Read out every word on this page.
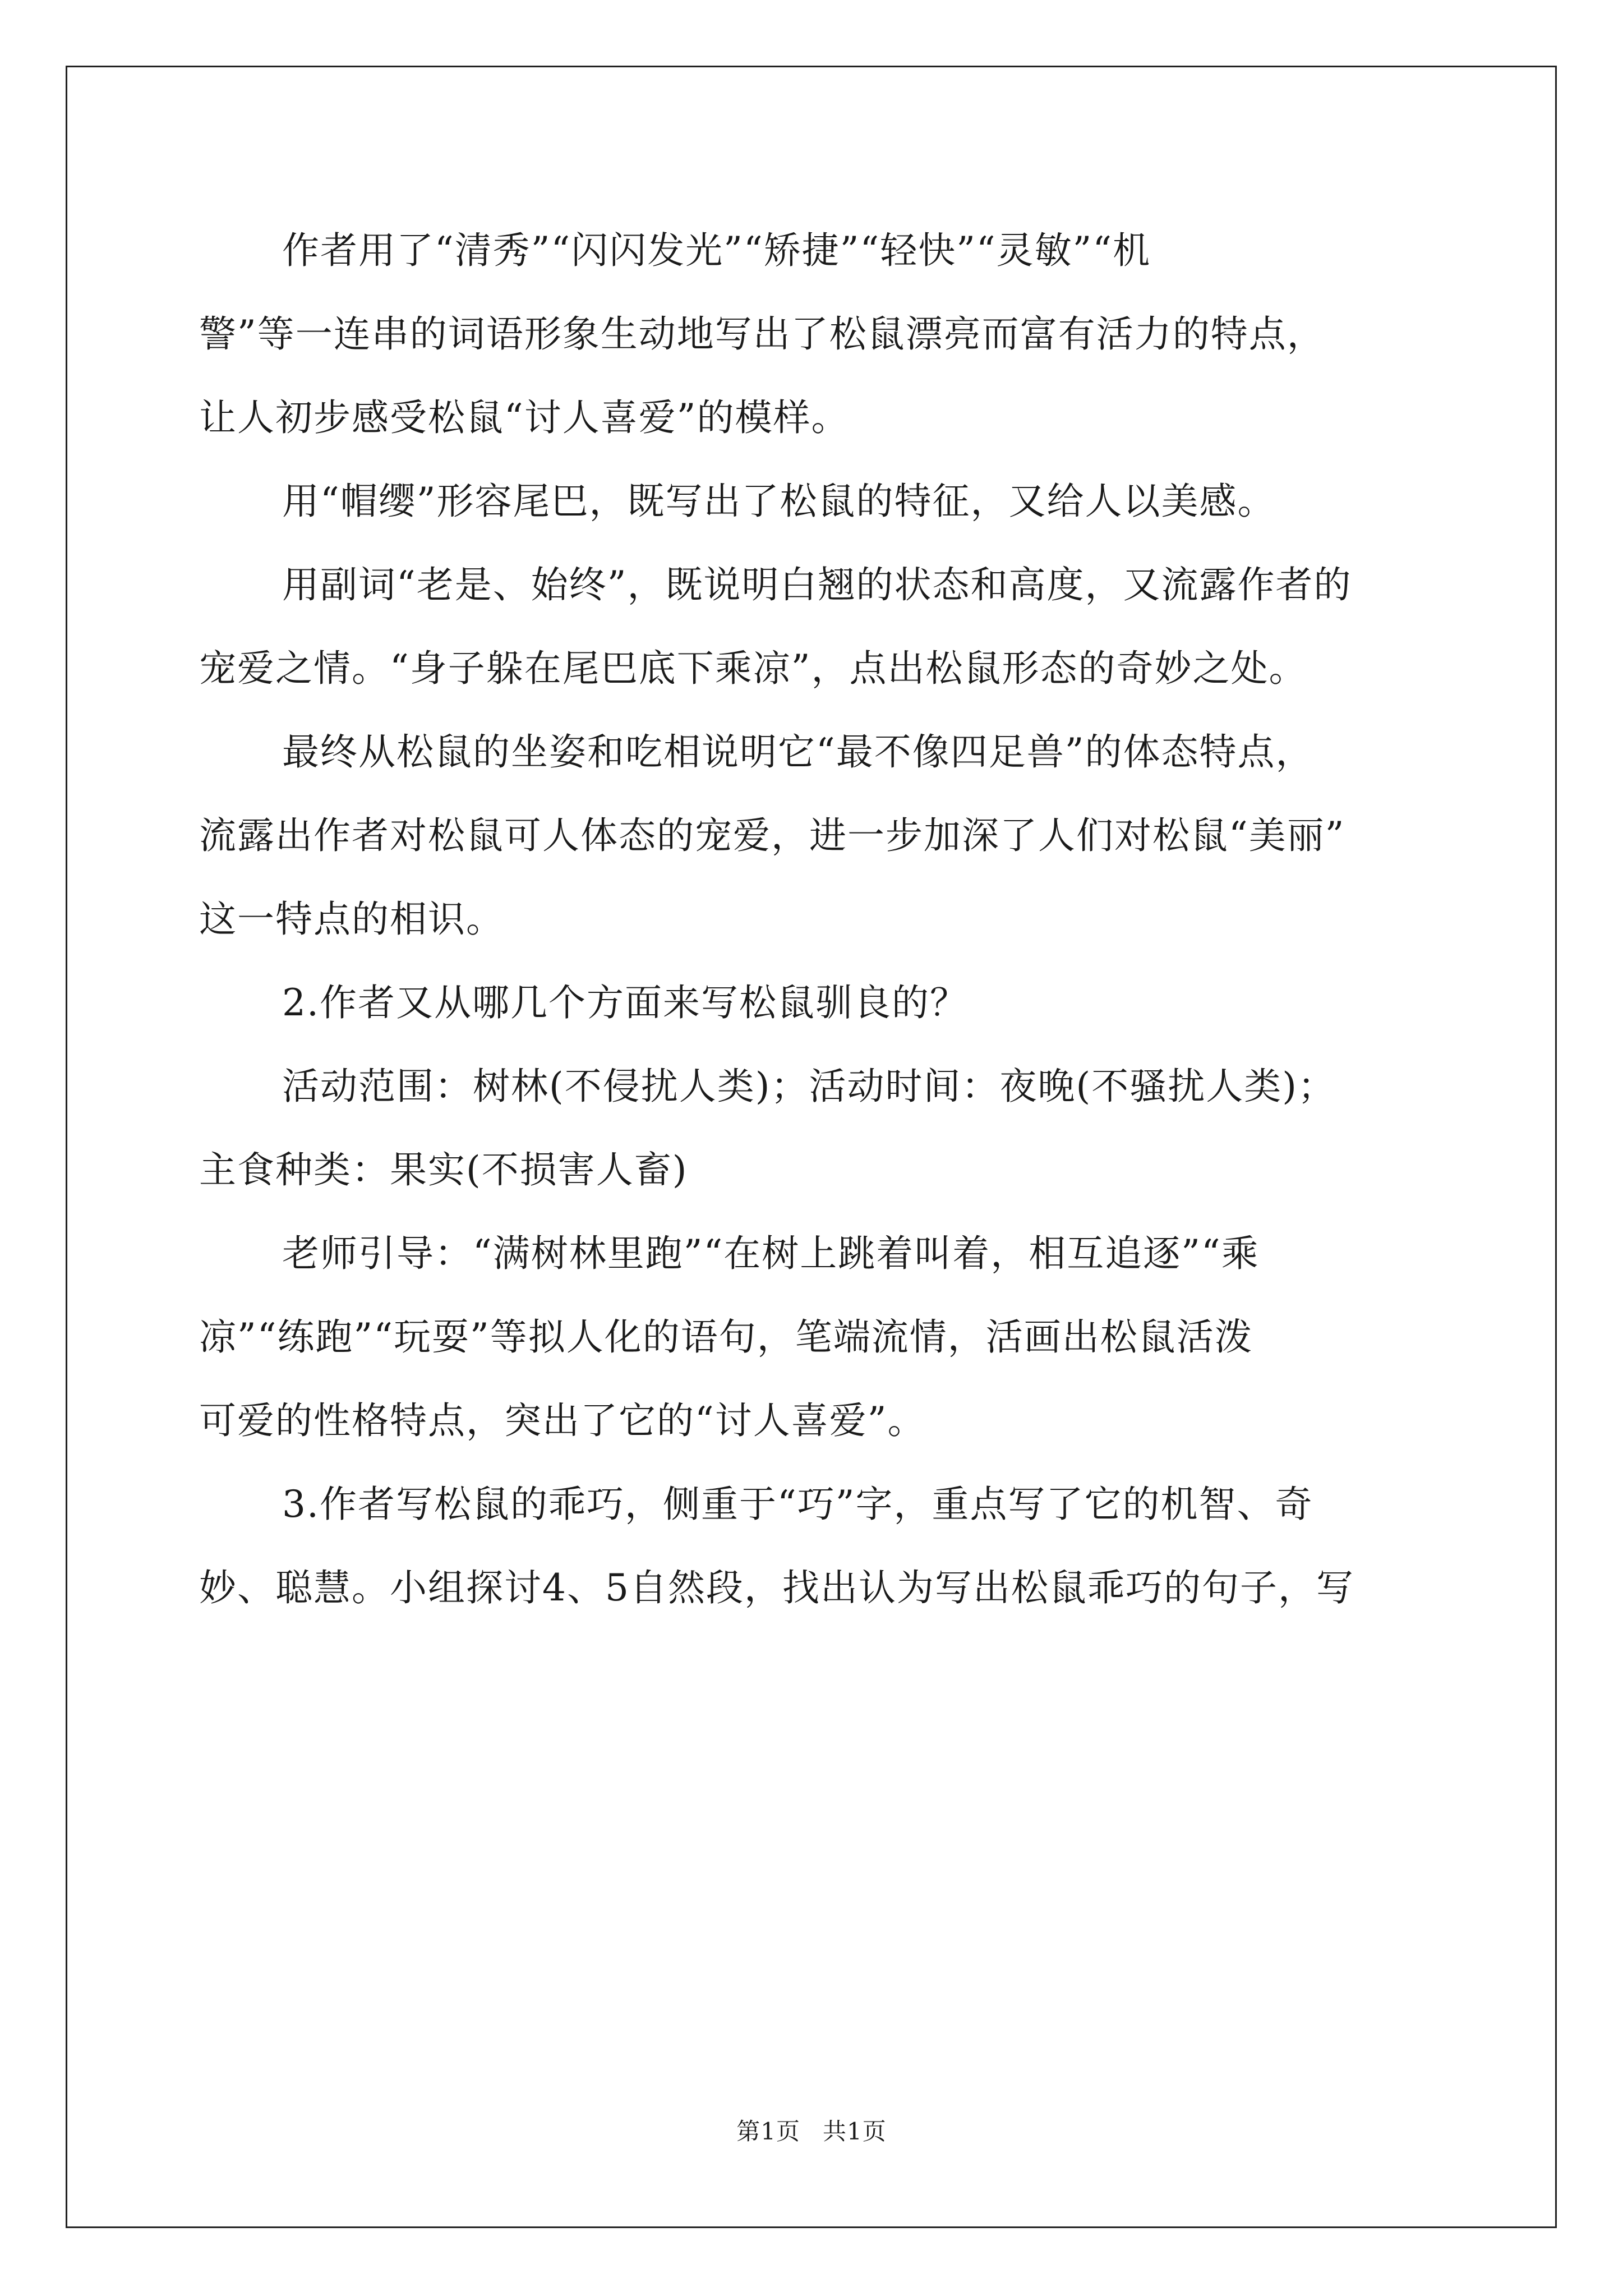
作者用了“清秀”“闪闪发光”“矫捷”“轻快”“灵敏”“机
警”等一连串的词语形象生动地写出了松鼠漂亮而富有活力的特点，
让人初步感受松鼠“讨人喜爱”的模样。
用“帽缨”形容尾巴，既写出了松鼠的特征，又给人以美感。
用副词“老是、始终”，既说明白翘的状态和高度，又流露作者的
宠爱之情。“身子躲在尾巴底下乘凉”，点出松鼠形态的奇妙之处。
最终从松鼠的坐姿和吃相说明它“最不像四足兽”的体态特点，
流露出作者对松鼠可人体态的宠爱，进一步加深了人们对松鼠“美丽”
这一特点的相识。
2.作者又从哪几个方面来写松鼠驯良的？
活动范围：树林(不侵扰人类)；活动时间：夜晚(不骚扰人类)；
主食种类：果实(不损害人畜)
老师引导：“满树林里跑”“在树上跳着叫着，相互追逐”“乘
凉”“练跑”“玩耍”等拟人化的语句，笔端流情，活画出松鼠活泼
可爱的性格特点，突出了它的“讨人喜爱”。
3.作者写松鼠的乖巧，侧重于“巧”字，重点写了它的机智、奇
妙、聪慧。小组探讨4、5自然段，找出认为写出松鼠乖巧的句子，写
第1页 共1页
